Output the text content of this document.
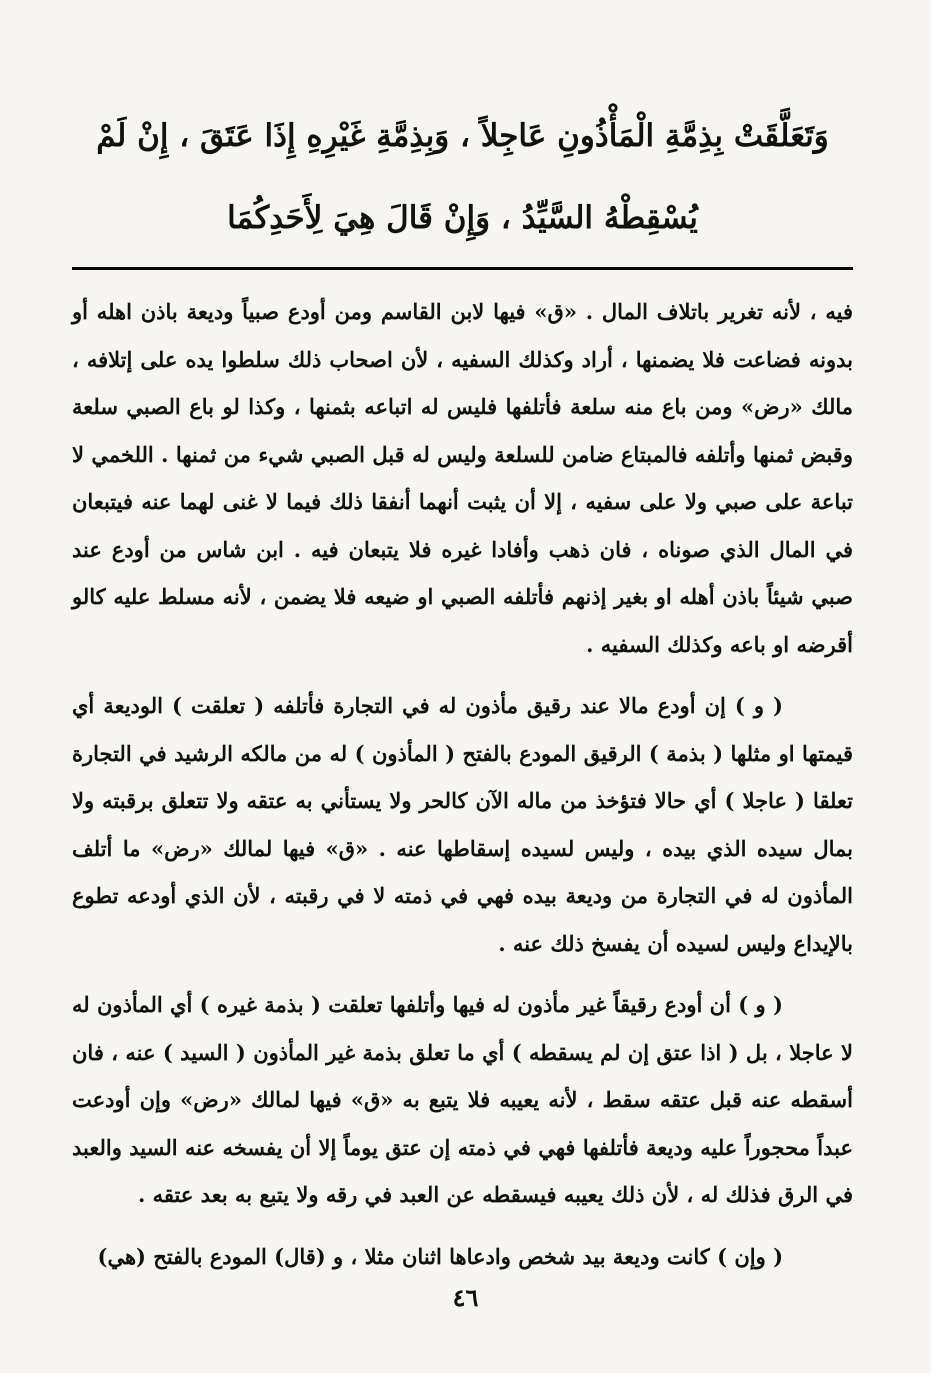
وَتَعَلَّقَتْ بِذِمَّةِ الْمَأْذُونِ عَاجِلاً ، وَبِذِمَّةِ غَيْرِهِ إِذَا عَتَقَ ، إِنْ لَمْ
يُسْقِطْهُ السَّيِّدُ ، وَإِنْ قَالَ هِيَ لِأَحَدِكُمَا

فيه ، لأنه تغرير باتلاف المال . «ق» فيها لابن القاسم ومن أودع صبياً وديعة باذن اهله أو بدونه فضاعت فلا يضمنها ، أراد وكذلك السفيه ، لأن اصحاب ذلك سلطوا يده على إتلافه ، مالك «رض» ومن باع منه سلعة فأتلفها فليس له اتباعه بثمنها ، وكذا لو باع الصبي سلعة وقبض ثمنها وأتلفه فالمبتاع ضامن للسلعة وليس له قبل الصبي شيء من ثمنها . اللخمي لا تباعة على صبي ولا على سفيه ، إلا أن يثبت أنهما أنفقا ذلك فيما لا غنى لهما عنه فيتبعان في المال الذي صوناه ، فان ذهب وأفادا غيره فلا يتبعان فيه . ابن شاس من أودع عند صبي شيئاً باذن أهله او بغير إذنهم فأتلفه الصبي او ضيعه فلا يضمن ، لأنه مسلط عليه كالو أقرضه او باعه وكذلك السفيه .

( و ) إن أودع مالا عند رقيق مأذون له في التجارة فأتلفه ( تعلقت ) الوديعة أي قيمتها او مثلها ( بذمة ) الرقيق المودع بالفتح ( المأذون ) له من مالكه الرشيد في التجارة تعلقا ( عاجلا ) أي حالا فتؤخذ من ماله الآن كالحر ولا يستأني به عتقه ولا تتعلق برقبته ولا بمال سيده الذي بيده ، وليس لسيده إسقاطها عنه . «ق» فيها لمالك «رض» ما أتلف المأذون له في التجارة من وديعة بيده فهي في ذمته لا في رقبته ، لأن الذي أودعه تطوع بالإيداع وليس لسيده أن يفسخ ذلك عنه .

( و ) أن أودع رقيقاً غير مأذون له فيها وأتلفها تعلقت ( بذمة غيره ) أي المأذون له لا عاجلا ، بل ( اذا عتق إن لم يسقطه ) أي ما تعلق بذمة غير المأذون ( السيد ) عنه ، فان أسقطه عنه قبل عتقه سقط ، لأنه يعيبه فلا يتبع به «ق» فيها لمالك «رض» وإن أودعت عبداً محجوراً عليه وديعة فأتلفها فهي في ذمته إن عتق يوماً إلا أن يفسخه عنه السيد والعبد في الرق فذلك له ، لأن ذلك يعيبه فيسقطه عن العبد في رقه ولا يتبع به بعد عتقه .

( وإن ) كانت وديعة بيد شخص وادعاها اثنان مثلا ، و (قال) المودع بالفتح (هي)

٤٦
